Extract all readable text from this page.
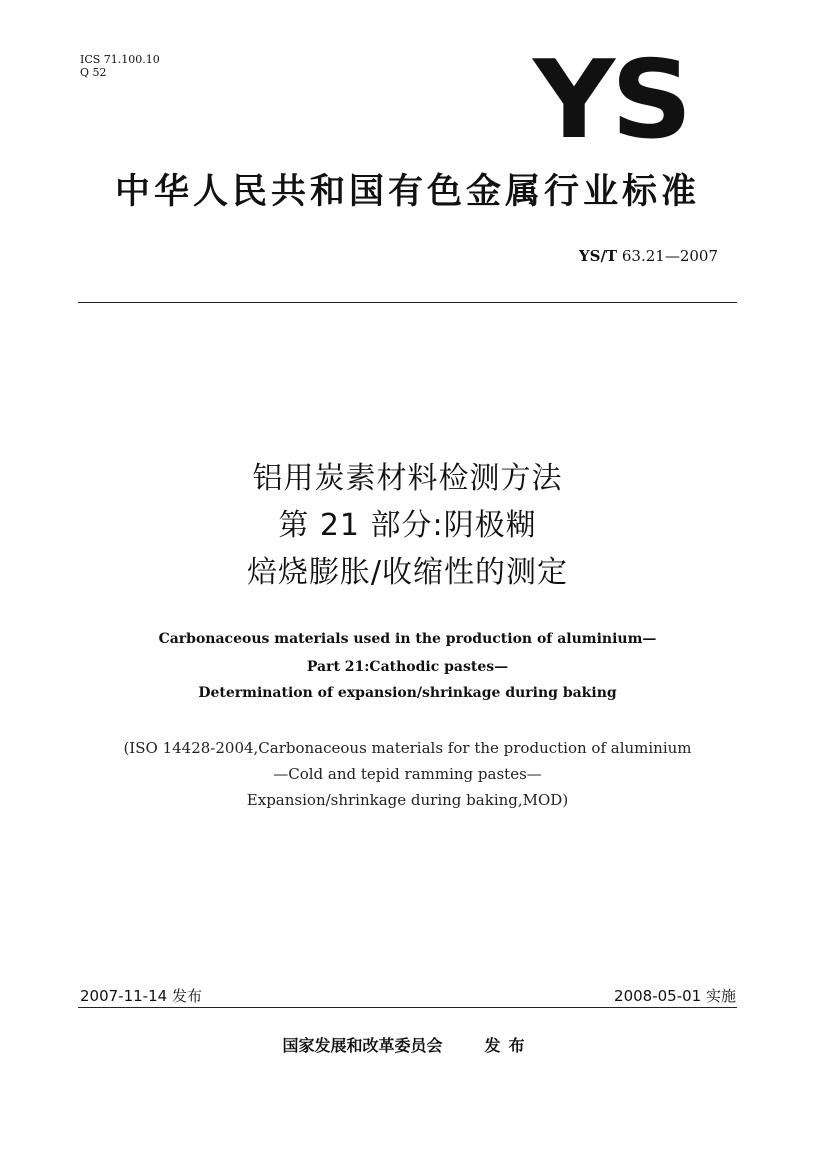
ICS 71.100.10
Q 52	YS
中华人民共和国有色金属行业标准
YS/T 63.21—2007
铝用炭素材料检测方法
第 21 部分:阴极糊
焙烧膨胀/收缩性的测定
Carbonaceous materials used in the production of aluminium—
Part 21:Cathodic pastes—
Determination of expansion/shrinkage during baking
(ISO 14428-2004,Carbonaceous materials for the production of aluminium
—Cold and tepid ramming pastes—
Expansion/shrinkage during baking,MOD)
2007-11-14 发布	2008-05-01 实施
国家发展和改革委员会	发布
